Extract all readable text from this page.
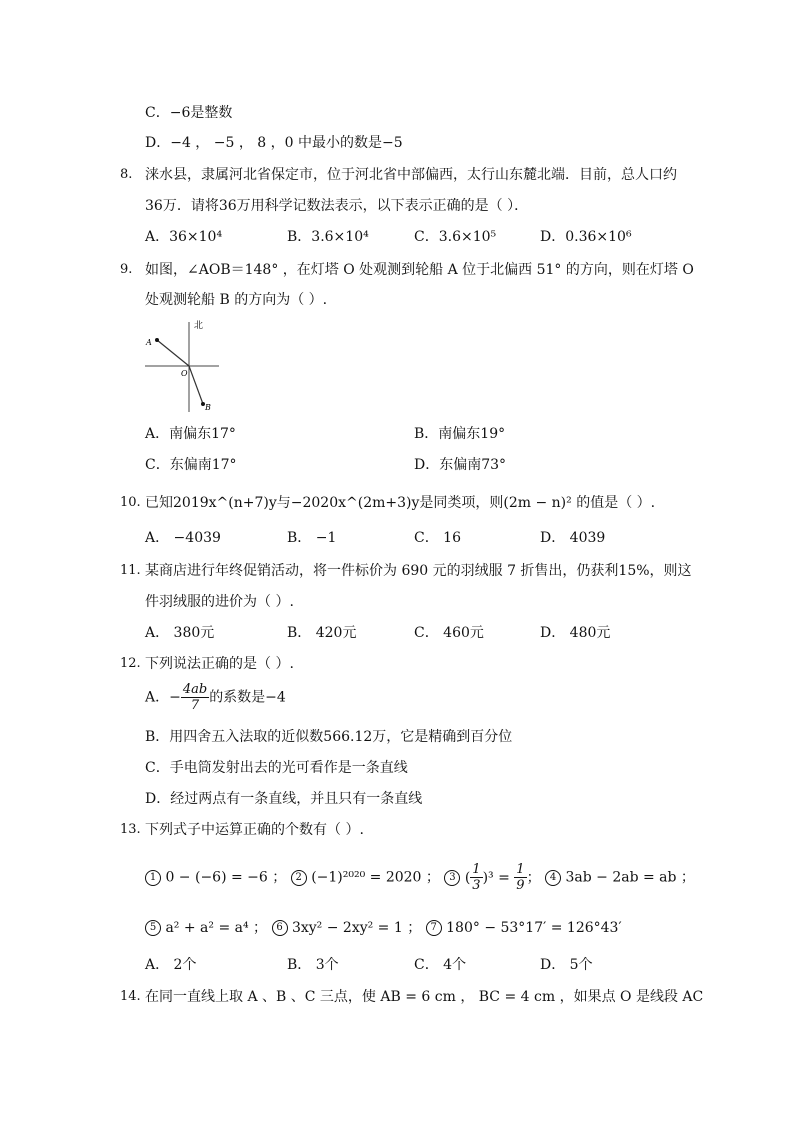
C．−6是整数
D．−4 ， −5 ， 8 ，0 中最小的数是−5
8. 涞水县，隶属河北省保定市，位于河北省中部偏西，太行山东麓北端．目前，总人口约
36万．请将36万用科学记数法表示，以下表示正确的是（ ）．
A．36×10⁴	B．3.6×10⁴	C．3.6×10⁵	D．0.36×10⁶
9. 如图，∠AOB＝148° ，在灯塔 O 处观测到轮船 A 位于北偏西 51° 的方向，则在灯塔 O
处观测轮船 B 的方向为（ ）.
北
A
O
B
A．南偏东17°	B．南偏东19°
C．东偏南17°	D．东偏南73°
10. 已知2019x^(n+7)y与−2020x^(2m+3)y是同类项，则(2m − n)² 的值是（ ）.
A． −4039	B． −1	C． 16	D． 4039
11. 某商店进行年终促销活动，将一件标价为 690 元的羽绒服 7 折售出，仍获利15%，则这
件羽绒服的进价为（ ）.
A． 380元	B． 420元	C． 460元	D． 480元
12. 下列说法正确的是（ ）.
A．− $\frac{4ab}{7}$ 的系数是−4
B．用四舍五入法取的近似数566.12万，它是精确到百分位
C．手电筒发射出去的光可看作是一条直线
D．经过两点有一条直线，并且只有一条直线
13. 下列式子中运算正确的个数有（ ）.
1 0 − (−6) = −6 ； 2 (−1)²⁰²⁰ = 2020 ； 3 ( $\frac{1}{3} )^3 = \frac{1}{9}$ ； 4 3ab − 2ab = ab ；
5 a² + a² = a⁴ ； 6 3xy² − 2xy² = 1 ； 7 180° − 53°17′ = 126°43′
A． 2个	B． 3个	C． 4个	D． 5个
14. 在同一直线上取 A 、B 、C 三点，使 AB = 6 cm ， BC = 4 cm ，如果点 O 是线段 AC
